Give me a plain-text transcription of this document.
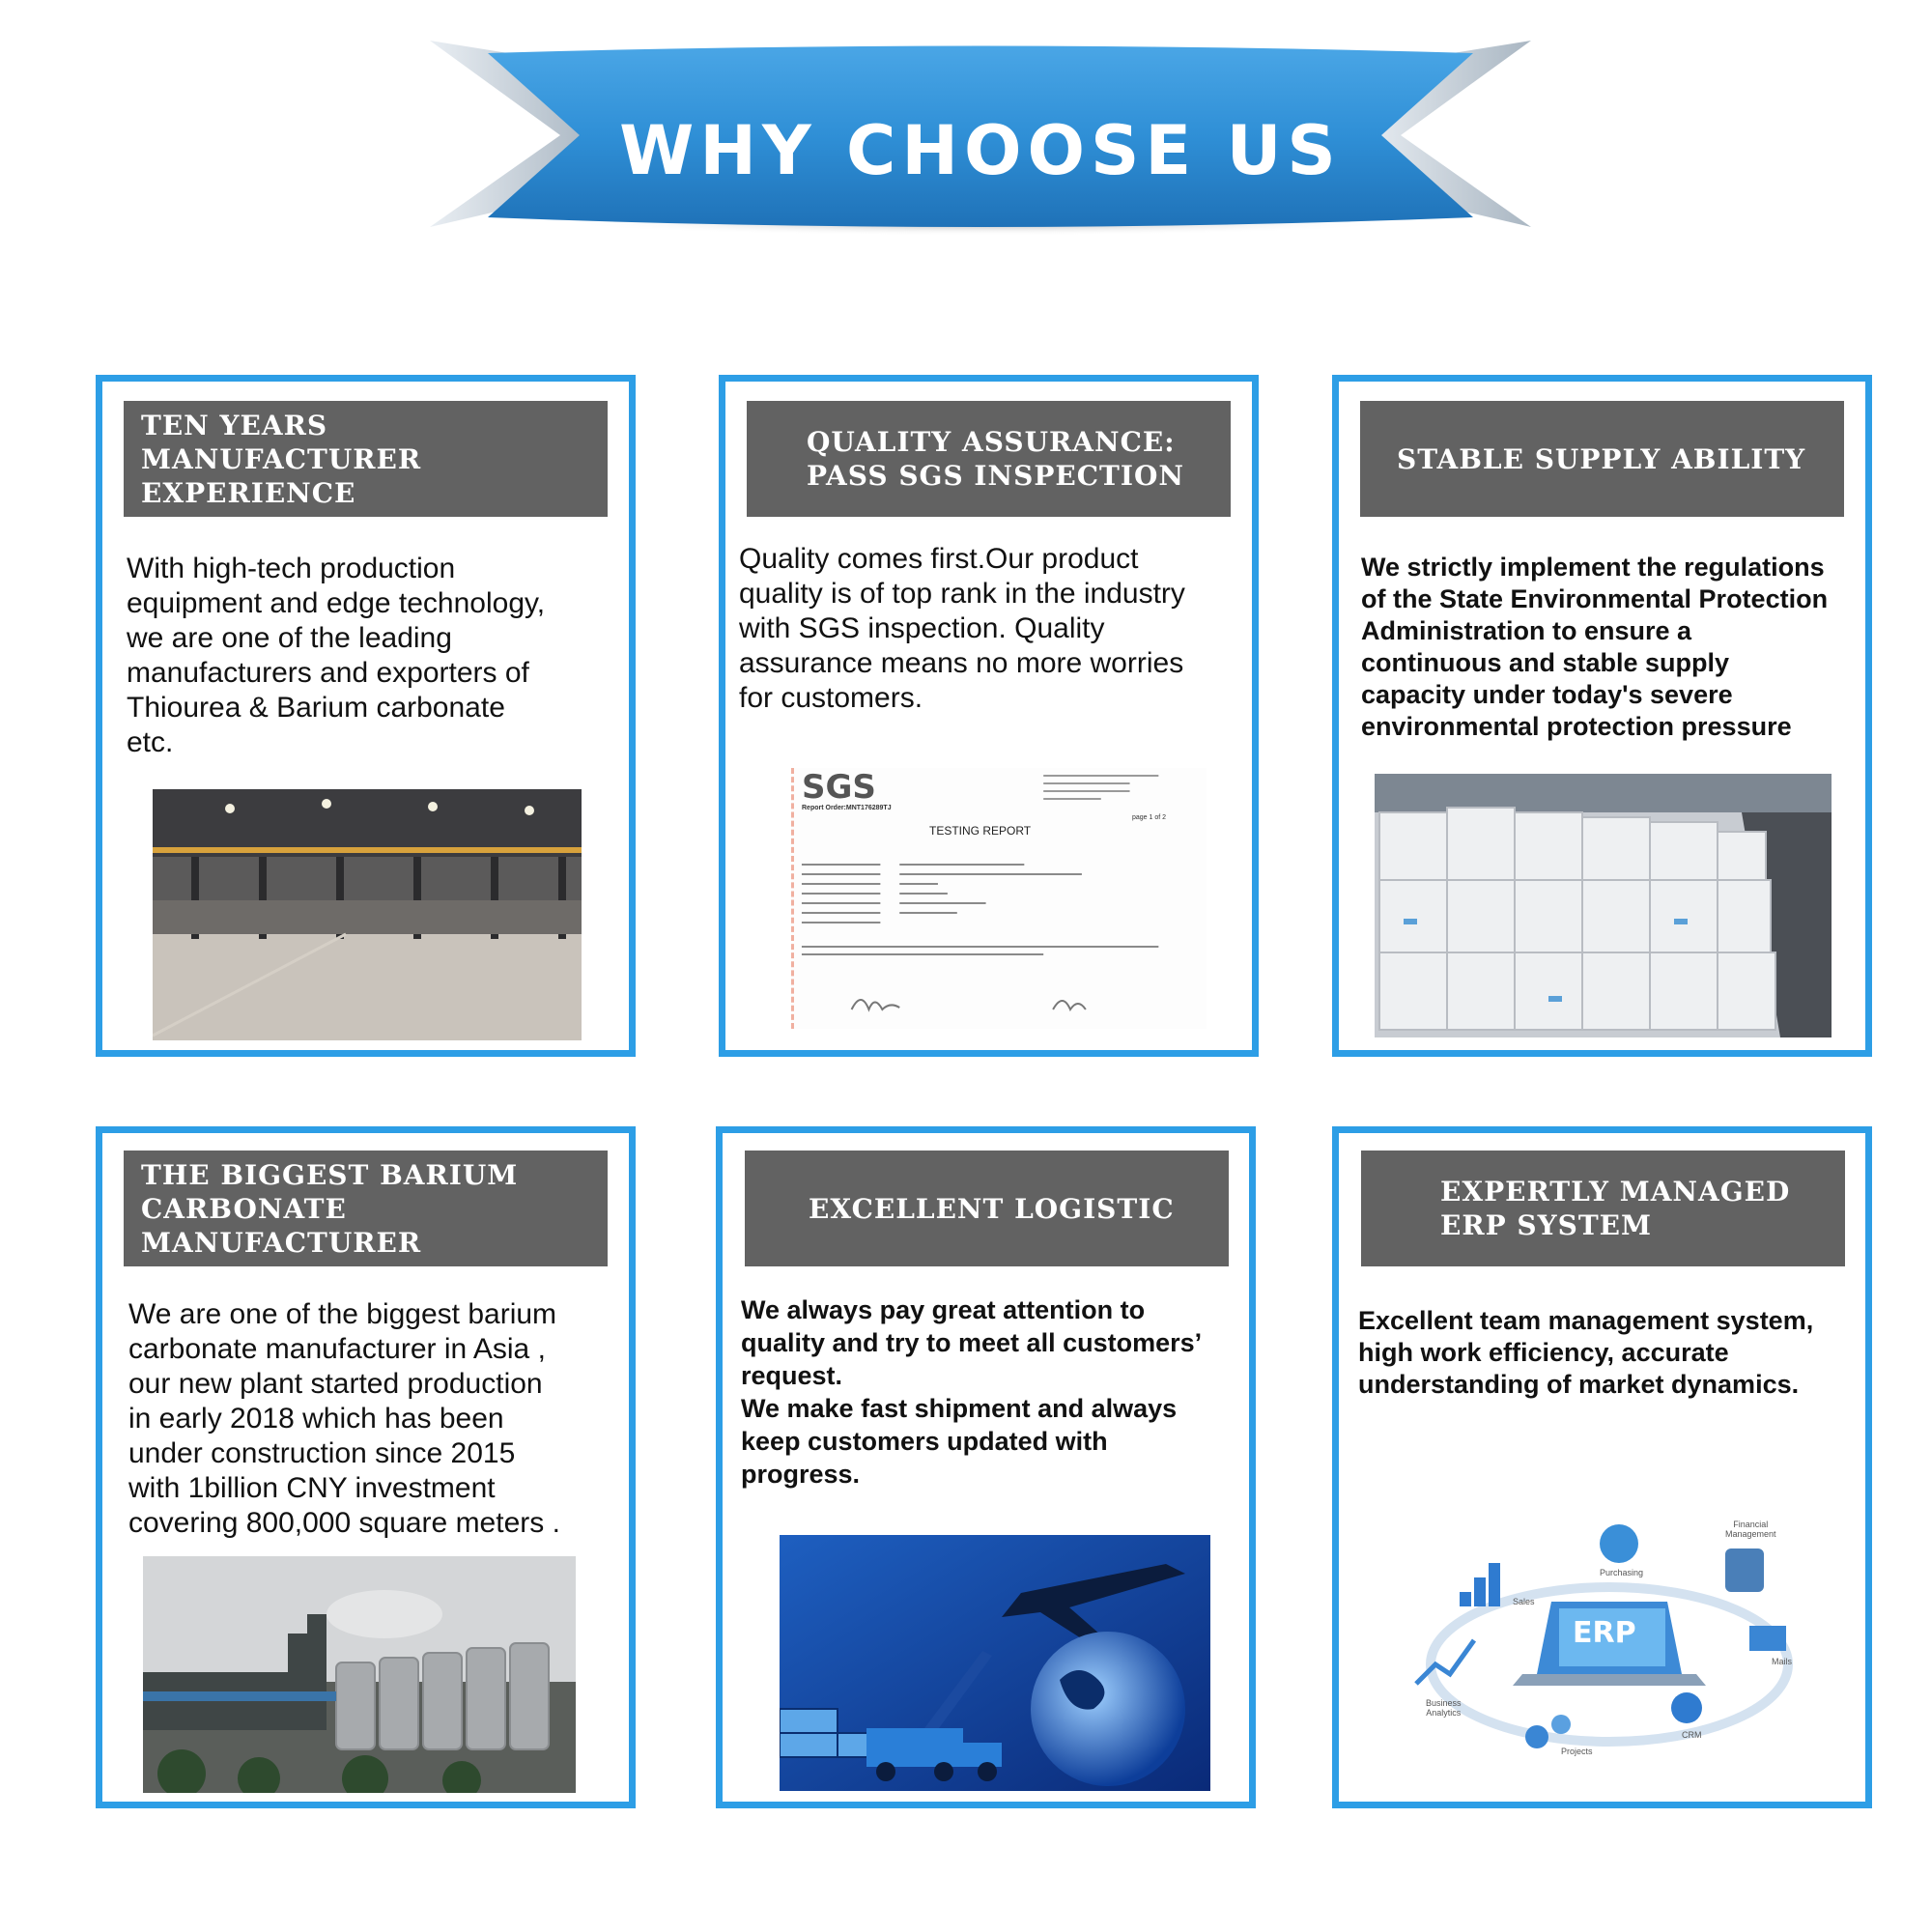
WHY CHOOSE US
TEN YEARS MANUFACTURER
EXPERIENCE
With high-tech production
equipment and edge technology,
we are one of the leading
manufacturers and exporters of
Thiourea & Barium carbonate
etc.
QUALITY ASSURANCE:
PASS SGS INSPECTION
Quality comes first.Our product
quality is of top rank in the industry
with SGS inspection. Quality
assurance means no more worries
for customers.
SGS
Report Order:MNT176289TJ
page 1 of 2
TESTING REPORT
STABLE SUPPLY ABILITY
We strictly implement the regulations
of the State Environmental Protection
Administration to ensure a
continuous and stable supply
capacity under today's severe
environmental protection pressure
THE BIGGEST BARIUM
CARBONATE MANUFACTURER
We are one of the biggest barium
carbonate manufacturer in Asia ,
our new plant started production
in early 2018 which has been
under construction since 2015
with 1billion CNY investment
covering 800,000 square meters .
EXCELLENT LOGISTIC
We always pay great attention to
quality and try to meet all customers’
request.
We make fast shipment and always
keep customers updated with
progress.
EXPERTLY MANAGED
ERP SYSTEM
Excellent team management system,
high work efficiency, accurate
understanding of market dynamics.
ERP
Purchasing
Financial
Management
Sales
Mails
Business
Analytics
CRM
Projects
